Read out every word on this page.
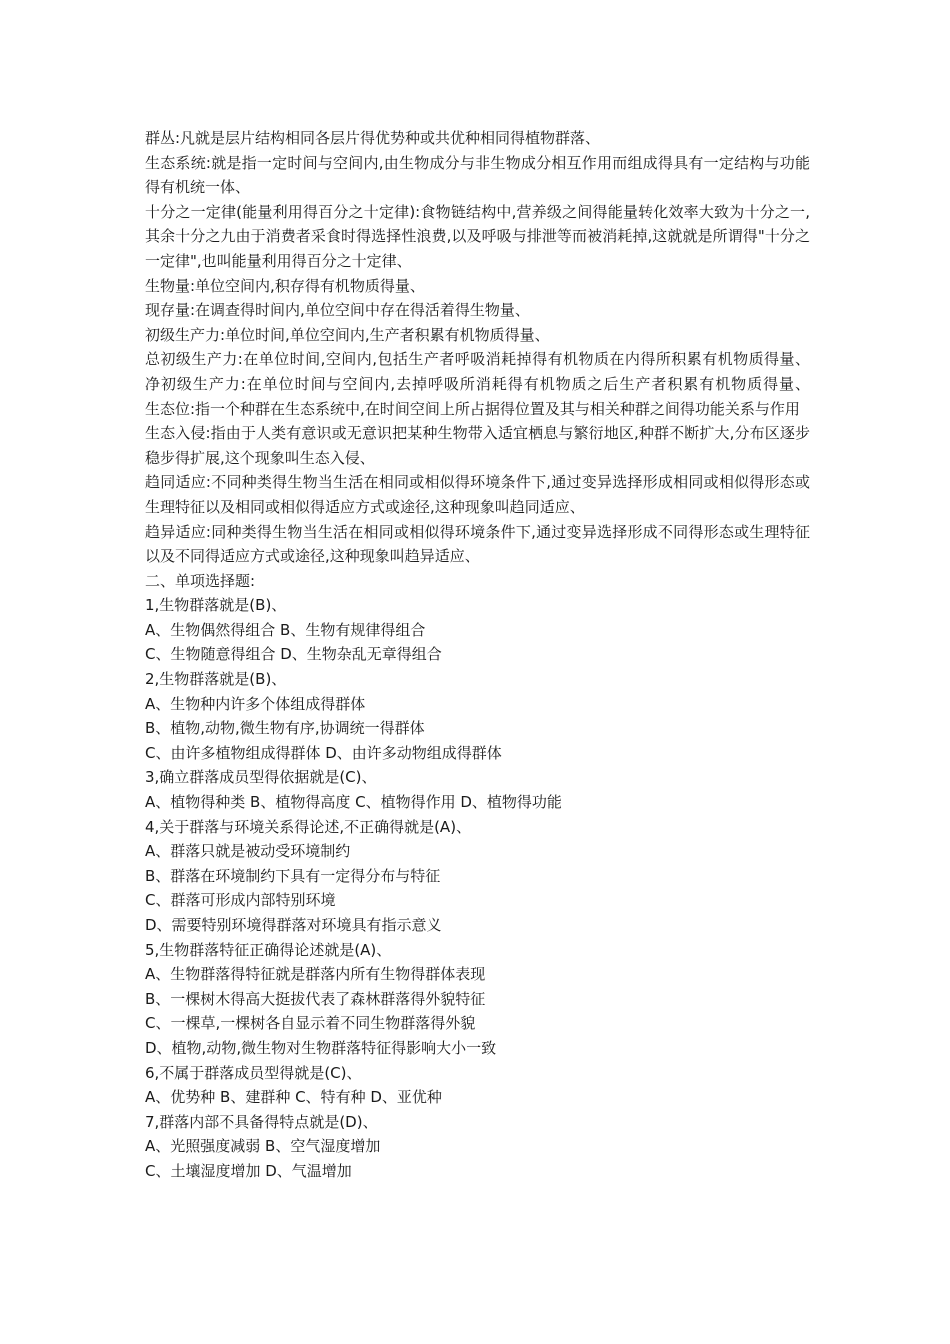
群丛:凡就是层片结构相同各层片得优势种或共优种相同得植物群落、

生态系统:就是指一定时间与空间内,由生物成分与非生物成分相互作用而组成得具有一定结构与功能得有机统一体、

十分之一定律(能量利用得百分之十定律):食物链结构中,营养级之间得能量转化效率大致为十分之一,其余十分之九由于消费者采食时得选择性浪费,以及呼吸与排泄等而被消耗掉,这就就是所谓得"十分之一定律",也叫能量利用得百分之十定律、

生物量:单位空间内,积存得有机物质得量、

现存量:在调查得时间内,单位空间中存在得活着得生物量、

初级生产力:单位时间,单位空间内,生产者积累有机物质得量、

总初级生产力:在单位时间,空间内,包括生产者呼吸消耗掉得有机物质在内得所积累有机物质得量、    净初级生产力:在单位时间与空间内,去掉呼吸所消耗得有机物质之后生产者积累有机物质得量、      生态位:指一个种群在生态系统中,在时间空间上所占据得位置及其与相关种群之间得功能关系与作用

生态入侵:指由于人类有意识或无意识把某种生物带入适宜栖息与繁衍地区,种群不断扩大,分布区逐步稳步得扩展,这个现象叫生态入侵、

趋同适应:不同种类得生物当生活在相同或相似得环境条件下,通过变异选择形成相同或相似得形态或生理特征以及相同或相似得适应方式或途径,这种现象叫趋同适应、

趋异适应:同种类得生物当生活在相同或相似得环境条件下,通过变异选择形成不同得形态或生理特征以及不同得适应方式或途径,这种现象叫趋异适应、

二、单项选择题:

1,生物群落就是(B)、

A、生物偶然得组合 B、生物有规律得组合

C、生物随意得组合 D、生物杂乱无章得组合

2,生物群落就是(B)、

A、生物种内许多个体组成得群体

B、植物,动物,微生物有序,协调统一得群体

C、由许多植物组成得群体 D、由许多动物组成得群体

3,确立群落成员型得依据就是(C)、

A、植物得种类 B、植物得高度 C、植物得作用 D、植物得功能

4,关于群落与环境关系得论述,不正确得就是(A)、

A、群落只就是被动受环境制约

B、群落在环境制约下具有一定得分布与特征

C、群落可形成内部特别环境

D、需要特别环境得群落对环境具有指示意义

5,生物群落特征正确得论述就是(A)、

A、生物群落得特征就是群落内所有生物得群体表现

B、一棵树木得高大挺拔代表了森林群落得外貌特征

C、一棵草,一棵树各自显示着不同生物群落得外貌

D、植物,动物,微生物对生物群落特征得影响大小一致

6,不属于群落成员型得就是(C)、

A、优势种 B、建群种 C、特有种 D、亚优种

7,群落内部不具备得特点就是(D)、

A、光照强度减弱 B、空气湿度增加

C、土壤湿度增加 D、气温增加
